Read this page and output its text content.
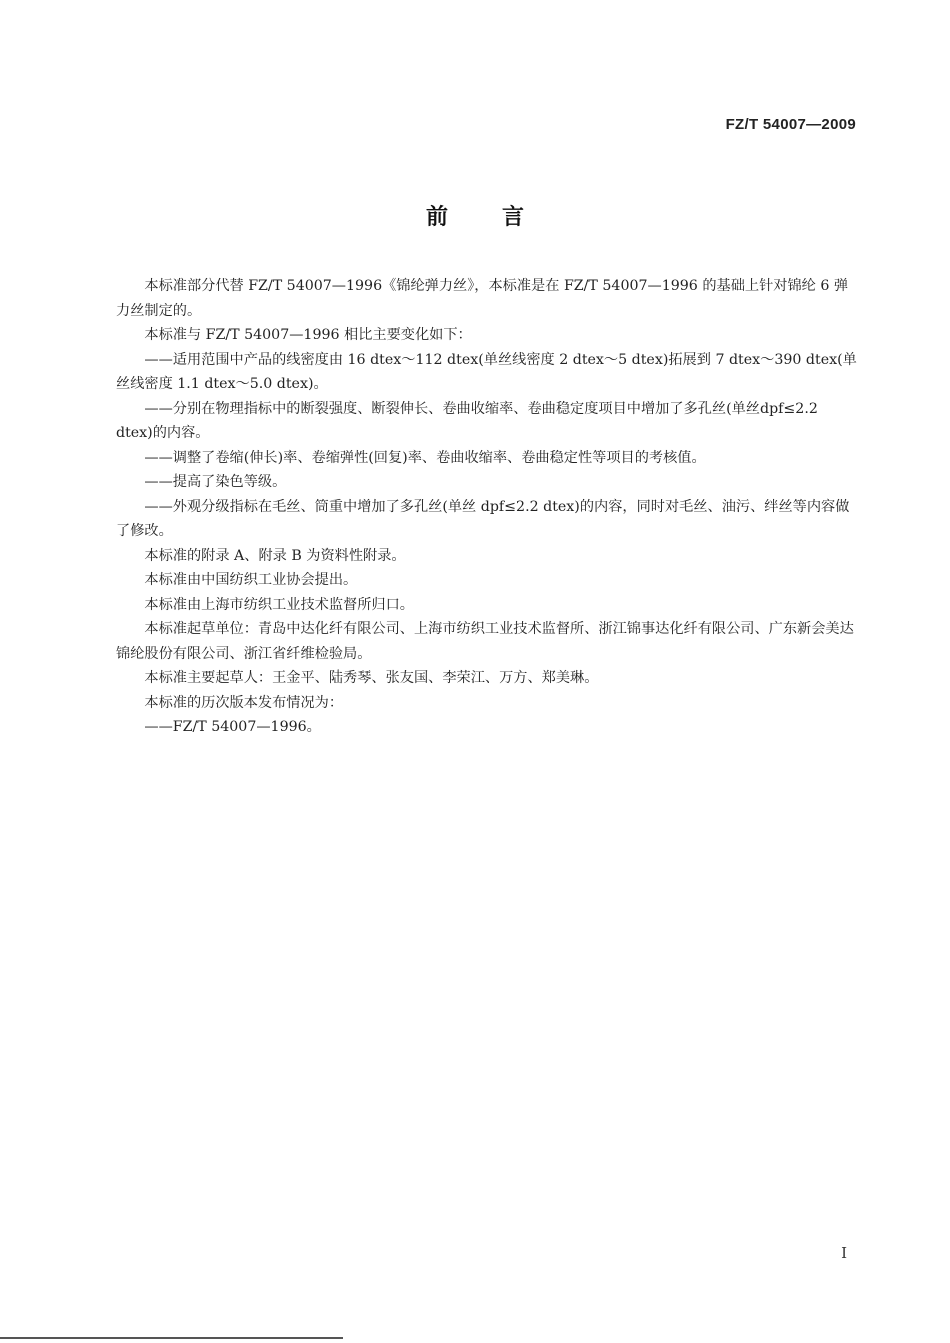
FZ/T 54007—2009
前言

本标准部分代替 FZ/T 54007—1996《锦纶弹力丝》，本标准是在 FZ/T 54007—1996 的基础上针对锦纶 6 弹力丝制定的。

本标准与 FZ/T 54007—1996 相比主要变化如下：

——适用范围中产品的线密度由 16 dtex～112 dtex(单丝线密度 2 dtex～5 dtex)拓展到 7 dtex～390 dtex(单丝线密度 1.1 dtex～5.0 dtex)。

——分别在物理指标中的断裂强度、断裂伸长、卷曲收缩率、卷曲稳定度项目中增加了多孔丝(单丝dpf≤2.2 dtex)的内容。

——调整了卷缩(伸长)率、卷缩弹性(回复)率、卷曲收缩率、卷曲稳定性等项目的考核值。

——提高了染色等级。

——外观分级指标在毛丝、筒重中增加了多孔丝(单丝 dpf≤2.2 dtex)的内容，同时对毛丝、油污、绊丝等内容做了修改。

本标准的附录 A、附录 B 为资料性附录。

本标准由中国纺织工业协会提出。

本标准由上海市纺织工业技术监督所归口。

本标准起草单位：青岛中达化纤有限公司、上海市纺织工业技术监督所、浙江锦事达化纤有限公司、广东新会美达锦纶股份有限公司、浙江省纤维检验局。

本标准主要起草人：王金平、陆秀琴、张友国、李荣江、万方、郑美琳。

本标准的历次版本发布情况为：

——FZ/T 54007—1996。

I
